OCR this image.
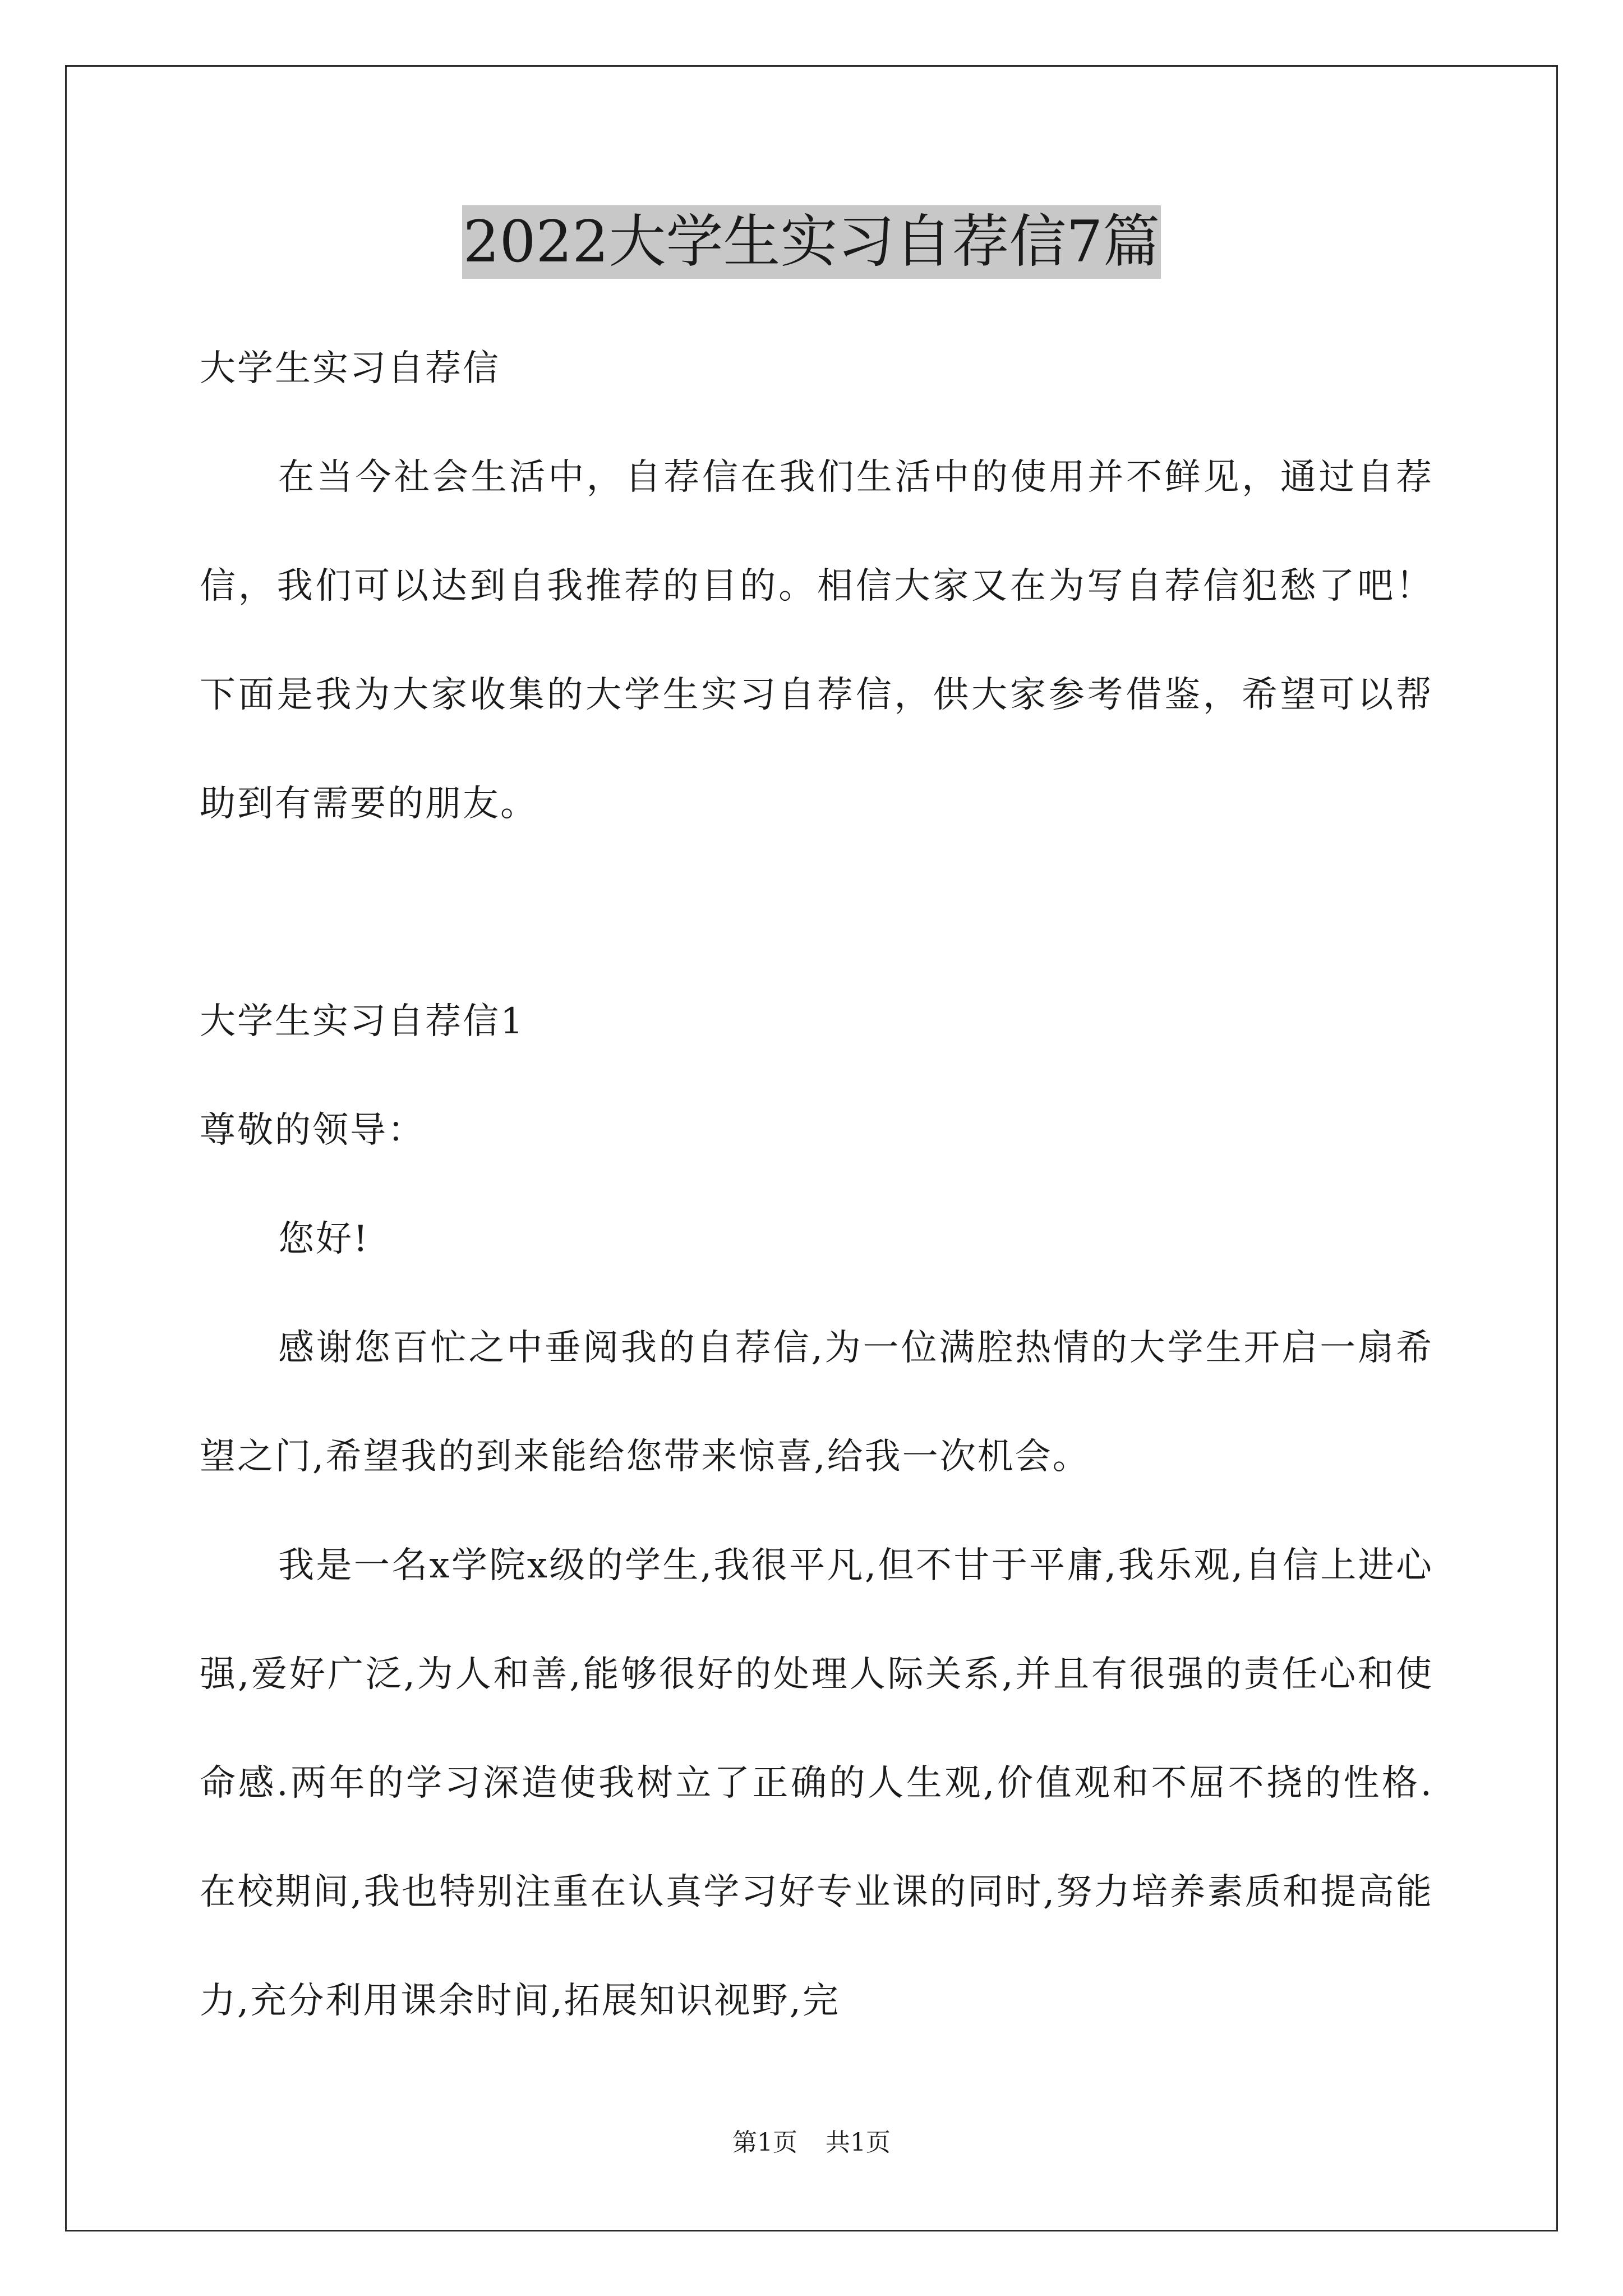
2022大学生实习自荐信7篇

大学生实习自荐信

在当今社会生活中，自荐信在我们生活中的使用并不鲜见，通过自荐信，我们可以达到自我推荐的目的。相信大家又在为写自荐信犯愁了吧！下面是我为大家收集的大学生实习自荐信，供大家参考借鉴，希望可以帮助到有需要的朋友。

大学生实习自荐信1

尊敬的领导：

您好!

感谢您百忙之中垂阅我的自荐信,为一位满腔热情的大学生开启一扇希望之门,希望我的到来能给您带来惊喜,给我一次机会。

我是一名x学院x级的学生,我很平凡,但不甘于平庸,我乐观,自信上进心强,爱好广泛,为人和善,能够很好的处理人际关系,并且有很强的责任心和使命感.两年的学习深造使我树立了正确的人生观,价值观和不屈不挠的性格.在校期间,我也特别注重在认真学习好专业课的同时,努力培养素质和提高能力,充分利用课余时间,拓展知识视野,完

第1页 共1页
